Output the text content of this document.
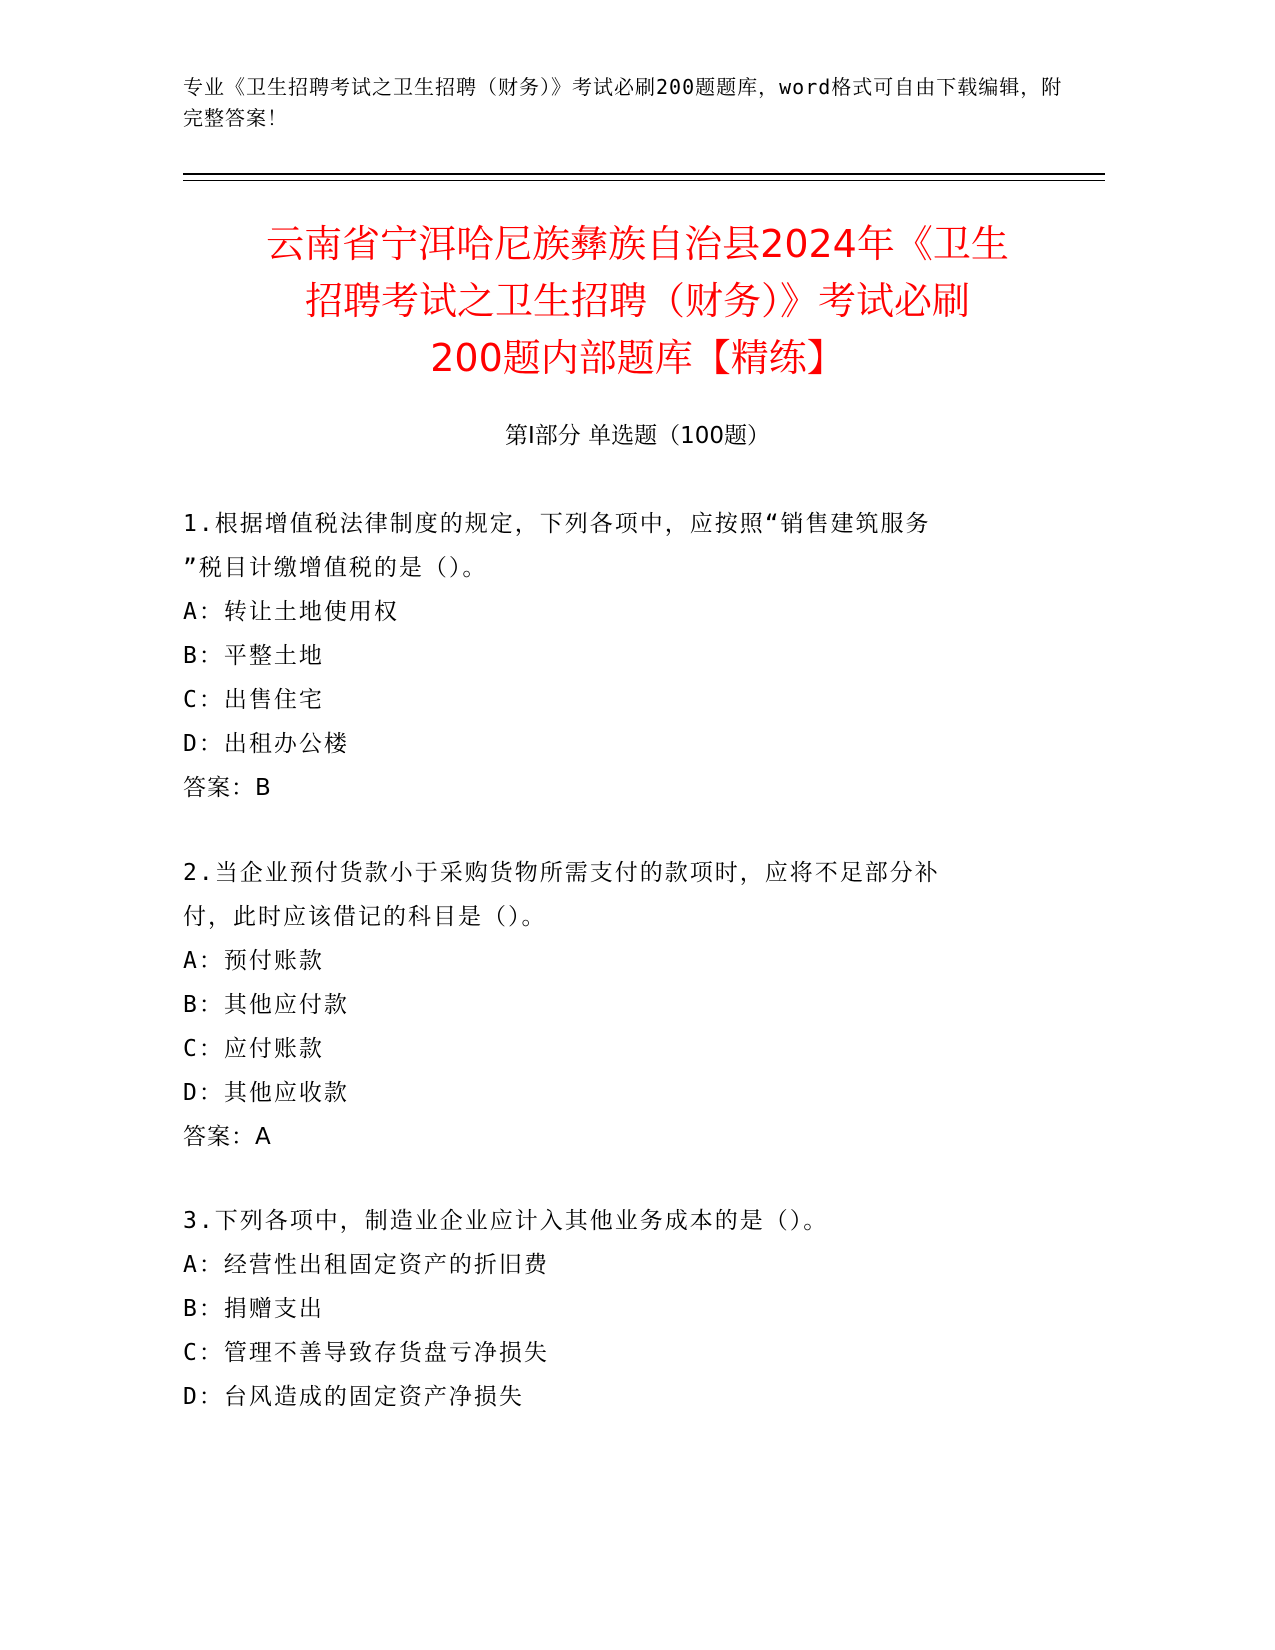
专业《卫生招聘考试之卫生招聘（财务）》考试必刷200题题库，word格式可自由下载编辑，附完整答案！
云南省宁洱哈尼族彝族自治县2024年《卫生
招聘考试之卫生招聘（财务）》考试必刷
200题内部题库【精练】
第Ⅰ部分 单选题（100题）
1.根据增值税法律制度的规定，下列各项中，应按照“销售建筑服务
”税目计缴增值税的是（）。
A：转让土地使用权
B：平整土地
C：出售住宅
D：出租办公楼
答案：B
2.当企业预付货款小于采购货物所需支付的款项时，应将不足部分补
付，此时应该借记的科目是（）。
A：预付账款
B：其他应付款
C：应付账款
D：其他应收款
答案：A
3.下列各项中，制造业企业应计入其他业务成本的是（）。
A：经营性出租固定资产的折旧费
B：捐赠支出
C：管理不善导致存货盘亏净损失
D：台风造成的固定资产净损失
